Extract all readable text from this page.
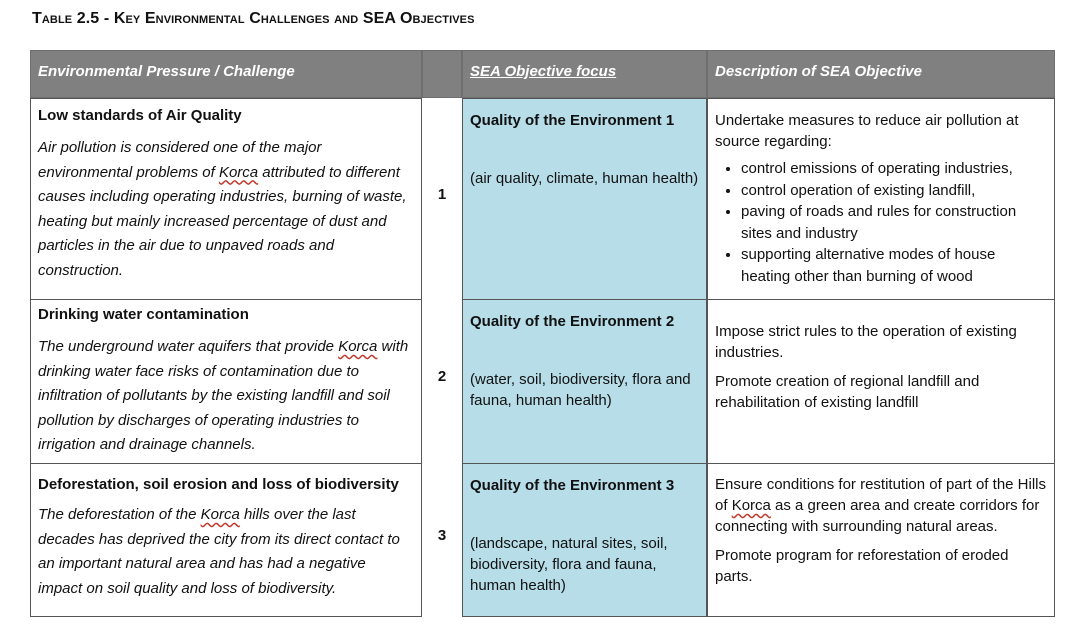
Table 2.5 - Key Environmental Challenges and SEA Objectives
Environmental Pressure / Challenge	SEA Objective focus	Description of SEA Objective
Low standards of Air Quality
Air pollution is considered one of the major environmental problems of Korca attributed to different causes including operating industries, burning of waste, heating but mainly increased percentage of dust and particles in the air due to unpaved roads and construction.
1
Quality of the Environment 1
(air quality, climate, human health)
Undertake measures to reduce air pollution at source regarding:
• control emissions of operating industries,
• control operation of existing landfill,
• paving of roads and rules for construction sites and industry
• supporting alternative modes of house heating other than burning of wood
Drinking water contamination
The underground water aquifers that provide Korca with drinking water face risks of contamination due to infiltration of pollutants by the existing landfill and soil pollution by discharges of operating industries to irrigation and drainage channels.
2
Quality of the Environment 2
(water, soil, biodiversity, flora and fauna, human health)
Impose strict rules to the operation of existing industries.
Promote creation of regional landfill and rehabilitation of existing landfill
Deforestation, soil erosion and loss of biodiversity
The deforestation of the Korca hills over the last decades has deprived the city from its direct contact to an important natural area and has had a negative impact on soil quality and loss of biodiversity.
3
Quality of the Environment 3
(landscape, natural sites, soil, biodiversity, flora and fauna, human health)
Ensure conditions for restitution of part of the Hills of Korca as a green area and create corridors for connecting with surrounding natural areas.
Promote program for reforestation of eroded parts.
